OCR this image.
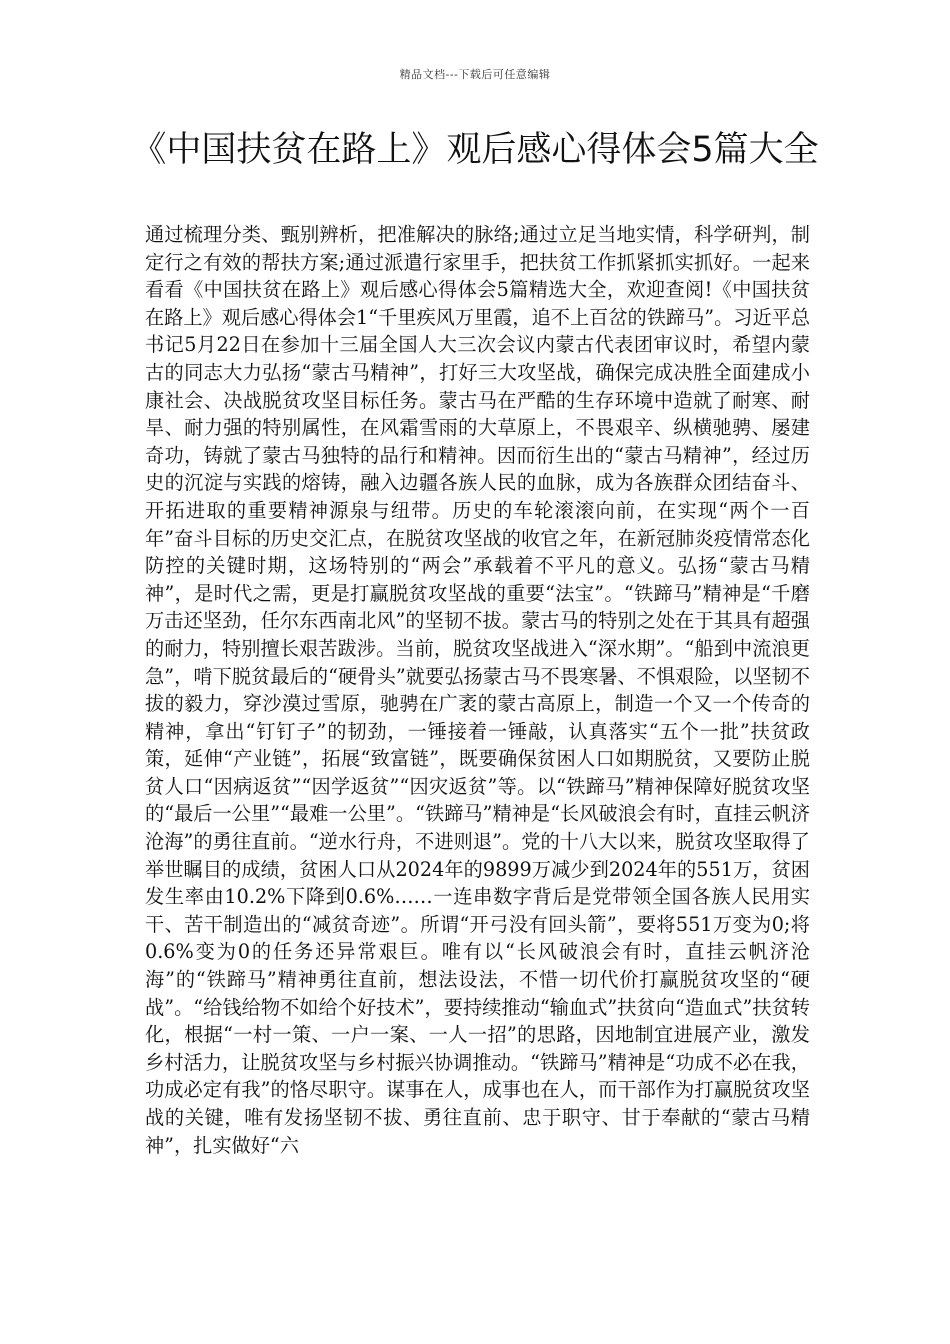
精品文档---下载后可任意编辑
《中国扶贫在路上》观后感心得体会5篇大全

通过梳理分类、甄别辨析，把准解决的脉络;通过立足当地实情，科学研判，制定行之有效的帮扶方案;通过派遣行家里手，把扶贫工作抓紧抓实抓好。一起来看看《中国扶贫在路上》观后感心得体会5篇精选大全，欢迎查阅!《中国扶贫在路上》观后感心得体会1“千里疾风万里霞，追不上百岔的铁蹄马”。习近平总书记5月22日在参加十三届全国人大三次会议内蒙古代表团审议时，希望内蒙古的同志大力弘扬“蒙古马精神”，打好三大攻坚战，确保完成决胜全面建成小康社会、决战脱贫攻坚目标任务。蒙古马在严酷的生存环境中造就了耐寒、耐旱、耐力强的特别属性，在风霜雪雨的大草原上，不畏艰辛、纵横驰骋、屡建奇功，铸就了蒙古马独特的品行和精神。因而衍生出的“蒙古马精神”，经过历史的沉淀与实践的熔铸，融入边疆各族人民的血脉，成为各族群众团结奋斗、开拓进取的重要精神源泉与纽带。历史的车轮滚滚向前，在实现“两个一百年”奋斗目标的历史交汇点，在脱贫攻坚战的收官之年，在新冠肺炎疫情常态化防控的关键时期，这场特别的“两会”承载着不平凡的意义。弘扬“蒙古马精神”，是时代之需，更是打赢脱贫攻坚战的重要“法宝”。“铁蹄马”精神是“千磨万击还坚劲，任尔东西南北风”的坚韧不拔。蒙古马的特别之处在于其具有超强的耐力，特别擅长艰苦跋涉。当前，脱贫攻坚战进入“深水期”。“船到中流浪更急”，啃下脱贫最后的“硬骨头”就要弘扬蒙古马不畏寒暑、不惧艰险，以坚韧不拔的毅力，穿沙漠过雪原，驰骋在广袤的蒙古高原上，制造一个又一个传奇的精神，拿出“钉钉子”的韧劲，一锤接着一锤敲，认真落实“五个一批”扶贫政策，延伸“产业链”，拓展“致富链”，既要确保贫困人口如期脱贫，又要防止脱贫人口“因病返贫”“因学返贫”“因灾返贫”等。以“铁蹄马”精神保障好脱贫攻坚的“最后一公里”“最难一公里”。“铁蹄马”精神是“长风破浪会有时，直挂云帆济沧海”的勇往直前。“逆水行舟，不进则退”。党的十八大以来，脱贫攻坚取得了举世瞩目的成绩，贫困人口从2024年的9899万减少到2024年的551万，贫困发生率由10.2%下降到0.6%……一连串数字背后是党带领全国各族人民用实干、苦干制造出的“减贫奇迹”。所谓“开弓没有回头箭”，要将551万变为0;将0.6%变为0的任务还异常艰巨。唯有以“长风破浪会有时，直挂云帆济沧海”的“铁蹄马”精神勇往直前，想法设法，不惜一切代价打赢脱贫攻坚的“硬战”。“给钱给物不如给个好技术”，要持续推动“输血式”扶贫向“造血式”扶贫转化，根据“一村一策、一户一案、一人一招”的思路，因地制宜进展产业，激发乡村活力，让脱贫攻坚与乡村振兴协调推动。“铁蹄马”精神是“功成不必在我，功成必定有我”的恪尽职守。谋事在人，成事也在人，而干部作为打赢脱贫攻坚战的关键，唯有发扬坚韧不拔、勇往直前、忠于职守、甘于奉献的“蒙古马精神”，扎实做好“六
